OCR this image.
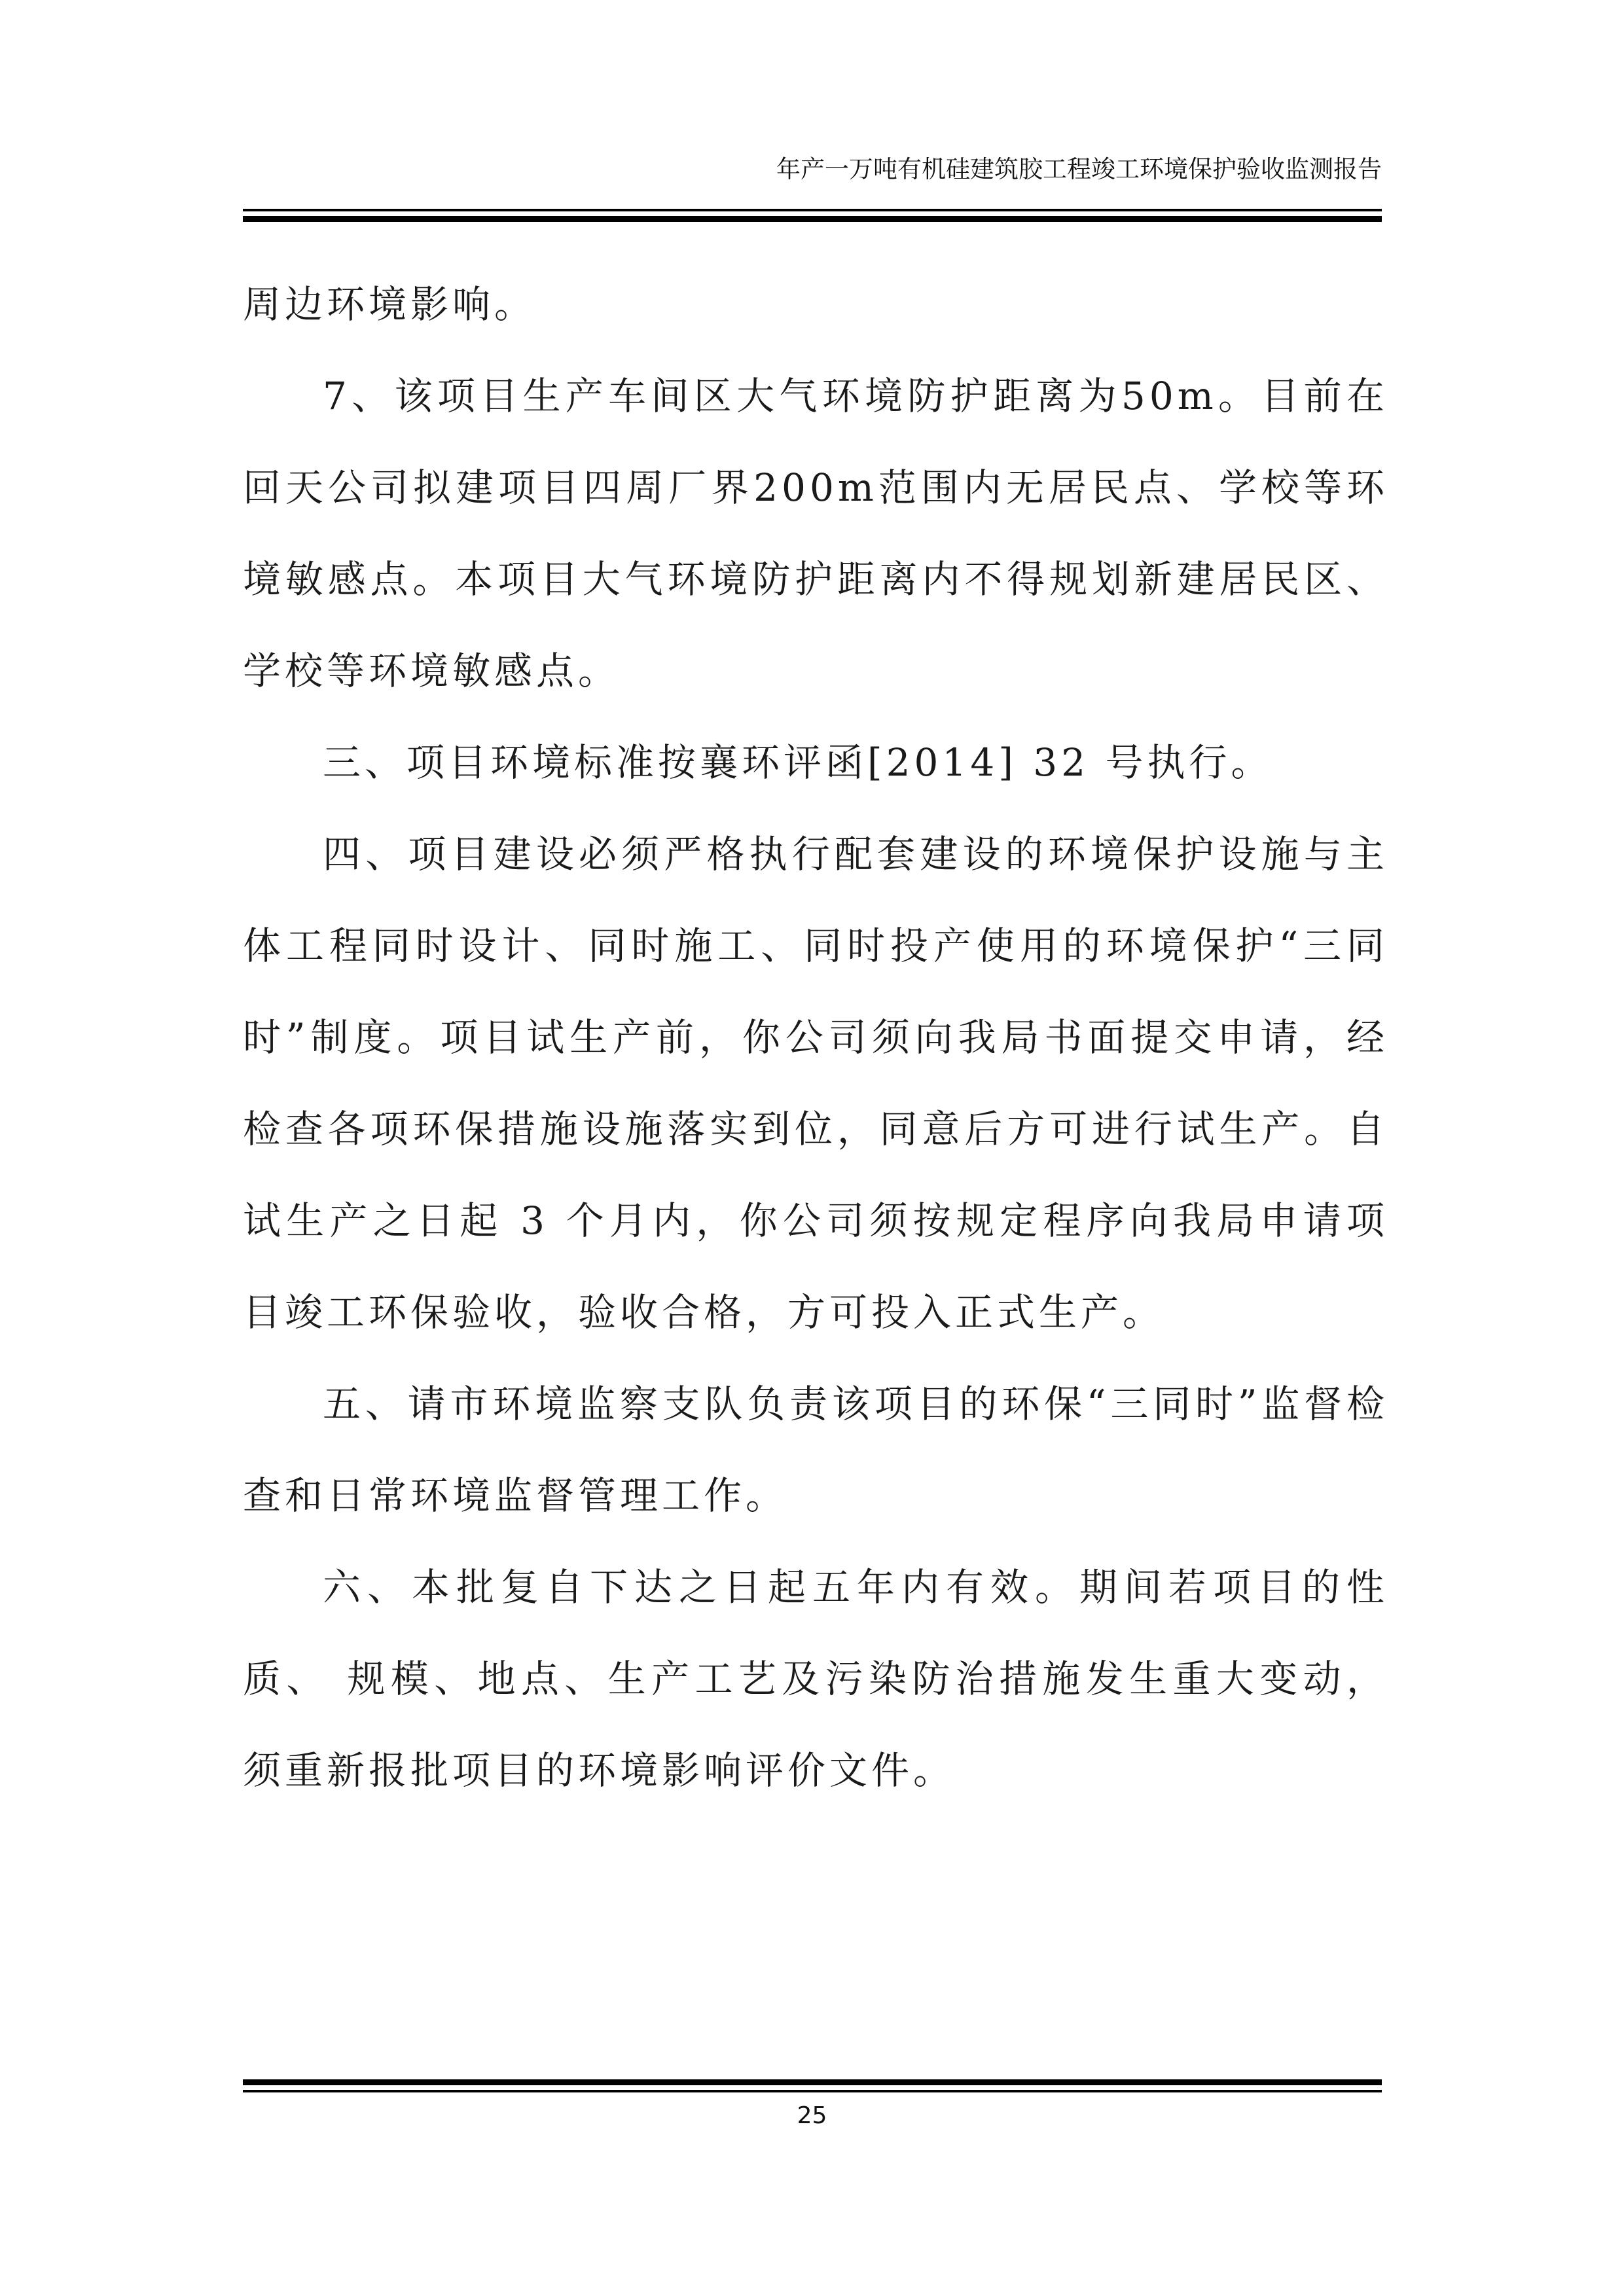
年产一万吨有机硅建筑胶工程竣工环境保护验收监测报告

周边环境影响。

7、该项目生产车间区大气环境防护距离为50m。目前在回天公司拟建项目四周厂界200m范围内无居民点、学校等环境敏感点。本项目大气环境防护距离内不得规划新建居民区、学校等环境敏感点。

三、项目环境标准按襄环评函[2014] 32 号执行。

四、项目建设必须严格执行配套建设的环境保护设施与主体工程同时设计、同时施工、同时投产使用的环境保护“三同时”制度。项目试生产前，你公司须向我局书面提交申请，经检查各项环保措施设施落实到位，同意后方可进行试生产。自试生产之日起 3 个月内，你公司须按规定程序向我局申请项目竣工环保验收，验收合格，方可投入正式生产。

五、请市环境监察支队负责该项目的环保“三同时”监督检查和日常环境监督管理工作。

六、本批复自下达之日起五年内有效。期间若项目的性质、 规模、地点、生产工艺及污染防治措施发生重大变动，须重新报批项目的环境影响评价文件。

25
